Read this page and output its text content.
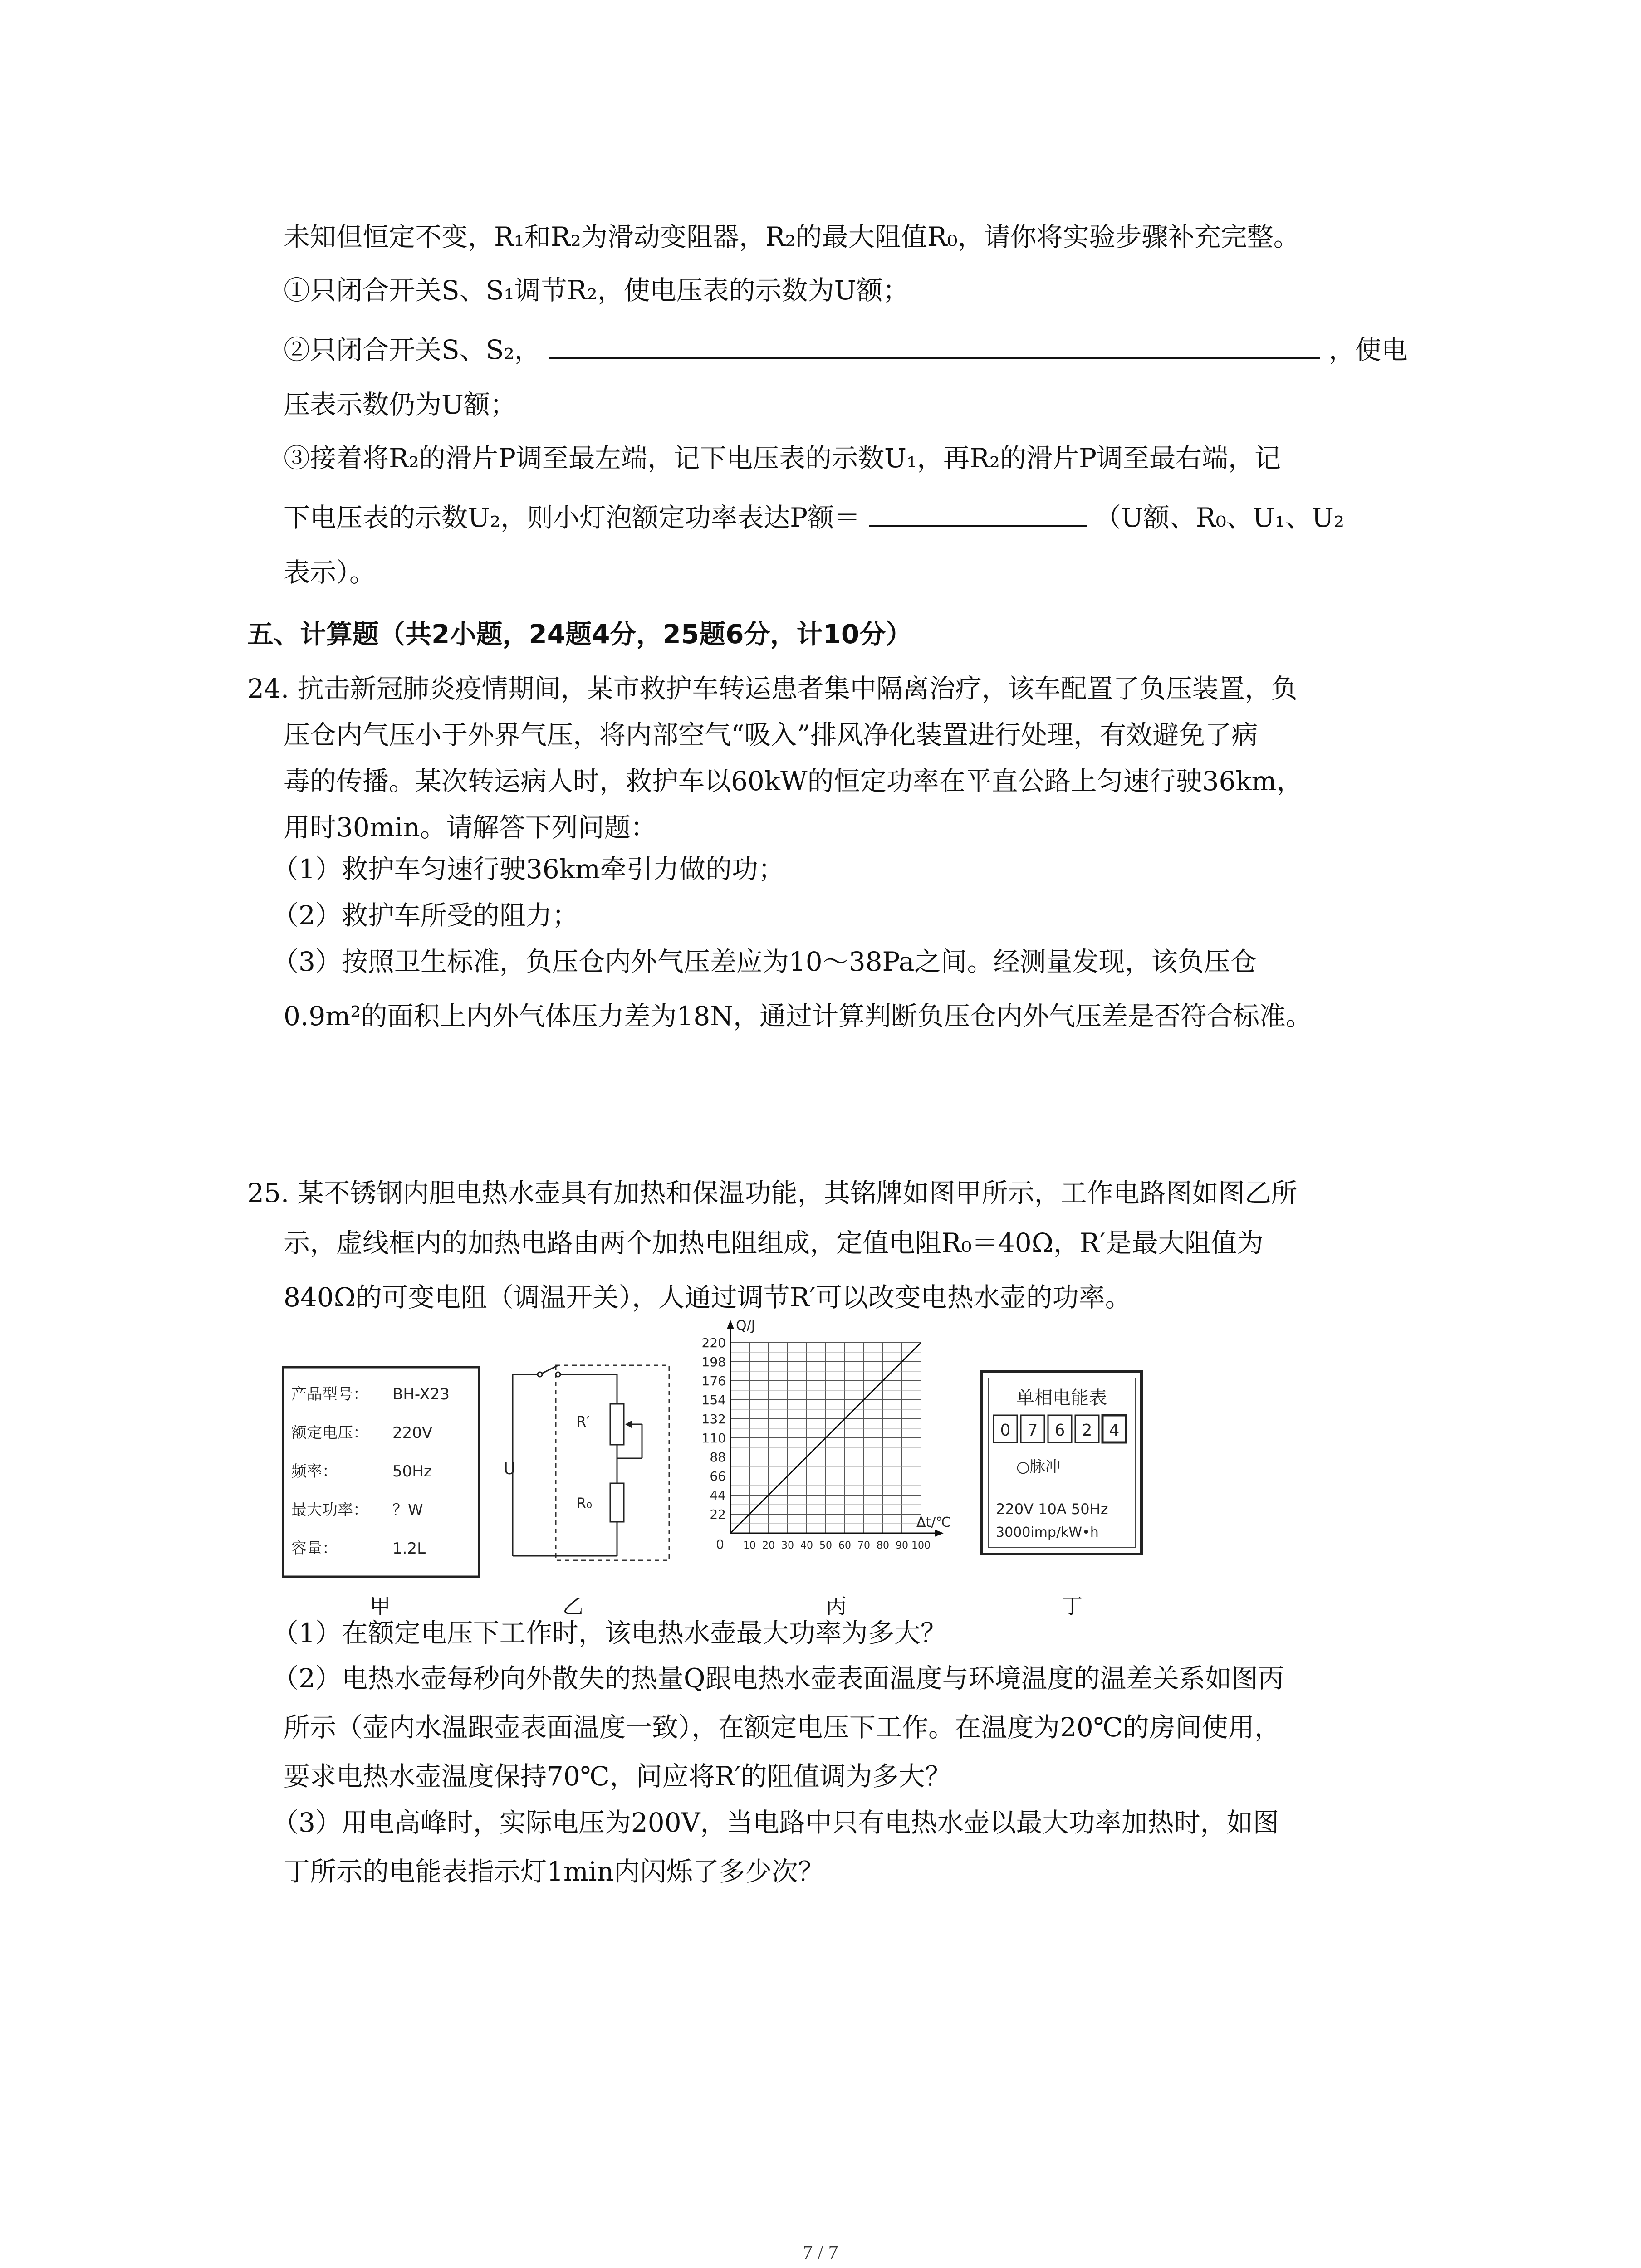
未知但恒定不变，R₁和R₂为滑动变阻器，R₂的最大阻值R₀，请你将实验步骤补充完整。
①只闭合开关S、S₁调节R₂，使电压表的示数为U额；
②只闭合开关S、S₂，	，使电
压表示数仍为U额；
③接着将R₂的滑片P调至最左端，记下电压表的示数U₁，再R₂的滑片P调至最右端，记
下电压表的示数U₂，则小灯泡额定功率表达P额＝	（U额、R₀、U₁、U₂
表示）。
五、计算题（共2小题，24题4分，25题6分，计10分）
24. 抗击新冠肺炎疫情期间，某市救护车转运患者集中隔离治疗，该车配置了负压装置，负
压仓内气压小于外界气压，将内部空气“吸入”排风净化装置进行处理，有效避免了病
毒的传播。某次转运病人时，救护车以60kW的恒定功率在平直公路上匀速行驶36km，
用时30min。请解答下列问题：
（1）救护车匀速行驶36km牵引力做的功；
（2）救护车所受的阻力；
（3）按照卫生标准，负压仓内外气压差应为10～38Pa之间。经测量发现，该负压仓
0.9m²的面积上内外气体压力差为18N，通过计算判断负压仓内外气压差是否符合标准。
25. 某不锈钢内胆电热水壶具有加热和保温功能，其铭牌如图甲所示，工作电路图如图乙所
示，虚线框内的加热电路由两个加热电阻组成，定值电阻R₀＝40Ω，R′是最大阻值为
840Ω的可变电阻（调温开关），人通过调节R′可以改变电热水壶的功率。
产品型号： BH-X23
额定电压： 220V
频率：	50Hz
最大功率： ？W
容量：	1.2L
U
R′
R₀
22
44
66
88
110
132
154
176
198
220
10 20 30 40 50 60 70 80 90 100
0
Q/J
Δt/℃
单相电能表
0 7 6 2 4
○脉冲
220V 10A 50Hz
3000imp/kW•h
甲	乙	丙	丁
（1）在额定电压下工作时，该电热水壶最大功率为多大？
（2）电热水壶每秒向外散失的热量Q跟电热水壶表面温度与环境温度的温差关系如图丙
所示（壶内水温跟壶表面温度一致），在额定电压下工作。在温度为20℃的房间使用，
要求电热水壶温度保持70℃，问应将R′的阻值调为多大？
（3）用电高峰时，实际电压为200V，当电路中只有电热水壶以最大功率加热时，如图
丁所示的电能表指示灯1min内闪烁了多少次？
7 / 7
